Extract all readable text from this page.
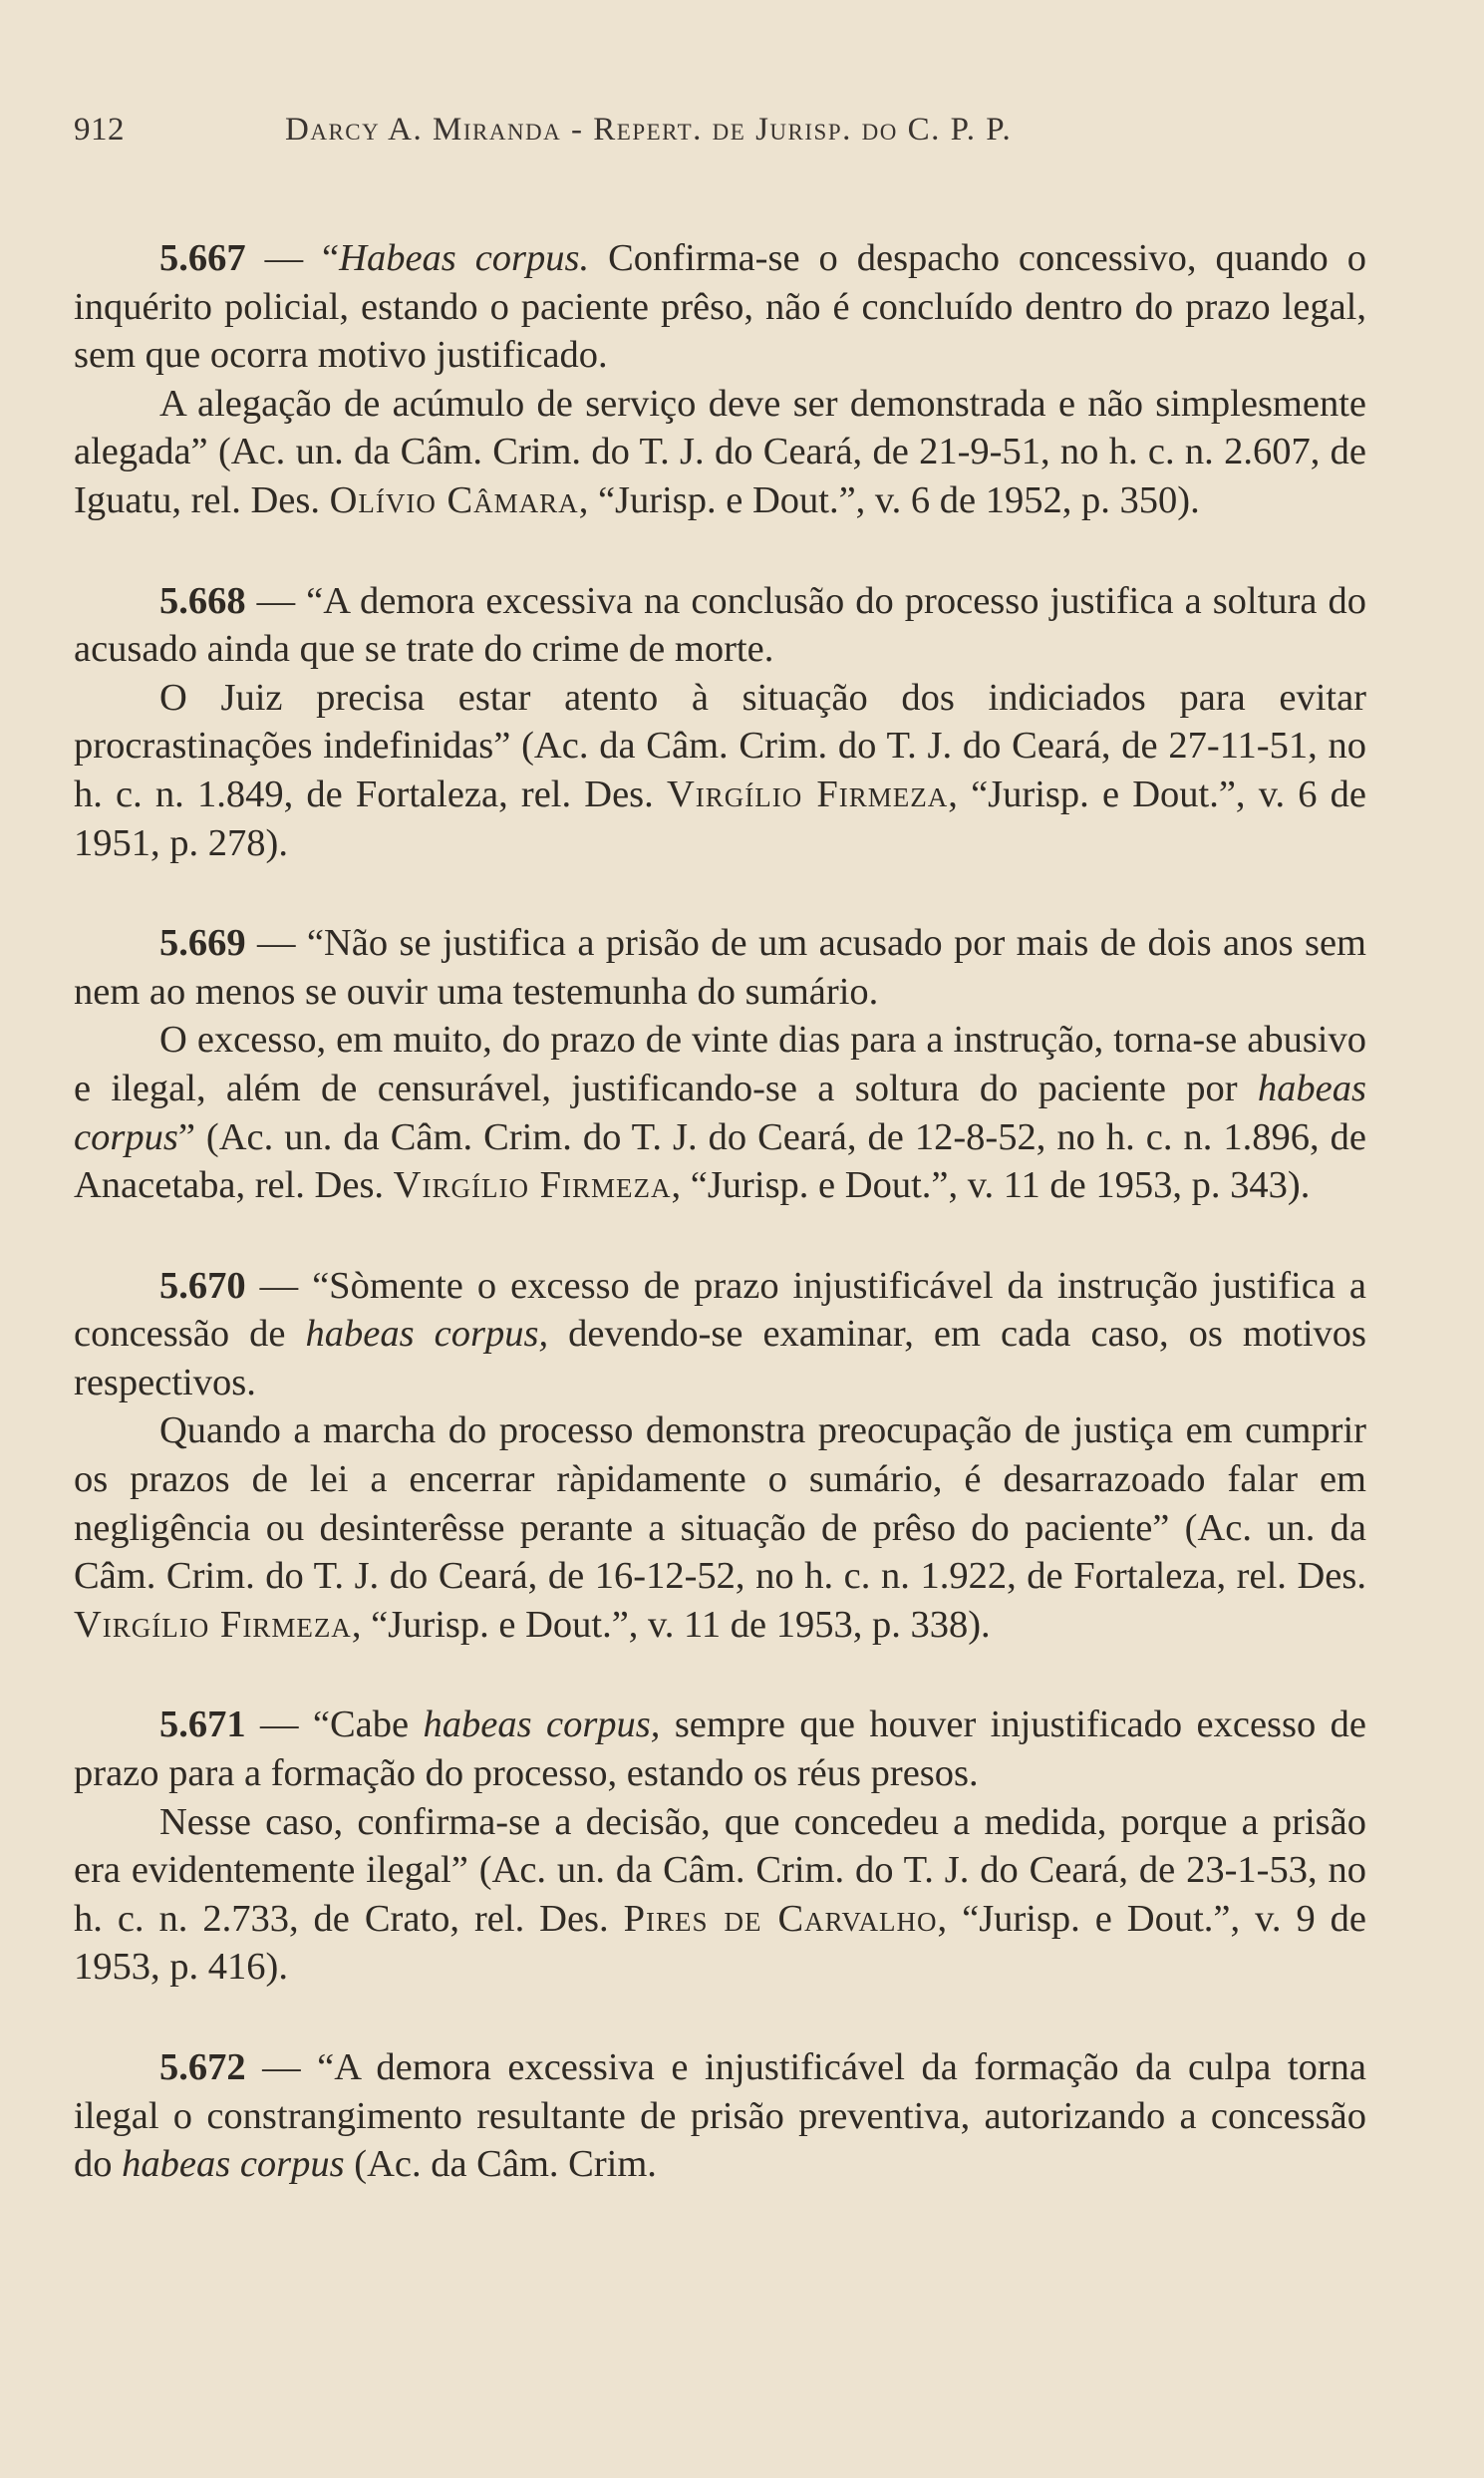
912	Darcy A. Miranda - Repert. de Jurisp. do C. P. P.

5.667 — “Habeas corpus. Confirma-se o despacho concessivo, quando o inquérito policial, estando o paciente prêso, não é concluído dentro do prazo legal, sem que ocorra motivo justificado.

A alegação de acúmulo de serviço deve ser demonstrada e não simplesmente alegada” (Ac. un. da Câm. Crim. do T. J. do Ceará, de 21-9-51, no h. c. n. 2.607, de Iguatu, rel. Des. Olívio Câmara, “Jurisp. e Dout.”, v. 6 de 1952, p. 350).

5.668 — “A demora excessiva na conclusão do processo justifica a soltura do acusado ainda que se trate do crime de morte.

O Juiz precisa estar atento à situação dos indiciados para evitar procrastinações indefinidas” (Ac. da Câm. Crim. do T. J. do Ceará, de 27-11-51, no h. c. n. 1.849, de Fortaleza, rel. Des. Virgílio Firmeza, “Jurisp. e Dout.”, v. 6 de 1951, p. 278).

5.669 — “Não se justifica a prisão de um acusado por mais de dois anos sem nem ao menos se ouvir uma testemunha do sumário.

O excesso, em muito, do prazo de vinte dias para a instrução, torna-se abusivo e ilegal, além de censurável, justificando-se a soltura do paciente por habeas corpus” (Ac. un. da Câm. Crim. do T. J. do Ceará, de 12-8-52, no h. c. n. 1.896, de Anacetaba, rel. Des. Virgílio Firmeza, “Jurisp. e Dout.”, v. 11 de 1953, p. 343).

5.670 — “Sòmente o excesso de prazo injustificável da instrução justifica a concessão de habeas corpus, devendo-se examinar, em cada caso, os motivos respectivos.

Quando a marcha do processo demonstra preocupação de justiça em cumprir os prazos de lei a encerrar ràpidamente o sumário, é desarrazoado falar em negligência ou desinterêsse perante a situação de prêso do paciente” (Ac. un. da Câm. Crim. do T. J. do Ceará, de 16-12-52, no h. c. n. 1.922, de Fortaleza, rel. Des. Virgílio Firmeza, “Jurisp. e Dout.”, v. 11 de 1953, p. 338).

5.671 — “Cabe habeas corpus, sempre que houver injustificado excesso de prazo para a formação do processo, estando os réus presos.

Nesse caso, confirma-se a decisão, que concedeu a medida, porque a prisão era evidentemente ilegal” (Ac. un. da Câm. Crim. do T. J. do Ceará, de 23-1-53, no h. c. n. 2.733, de Crato, rel. Des. Pires de Carvalho, “Jurisp. e Dout.”, v. 9 de 1953, p. 416).

5.672 — “A demora excessiva e injustificável da formação da culpa torna ilegal o constrangimento resultante de prisão preventiva, autorizando a concessão do habeas corpus (Ac. da Câm. Crim.
